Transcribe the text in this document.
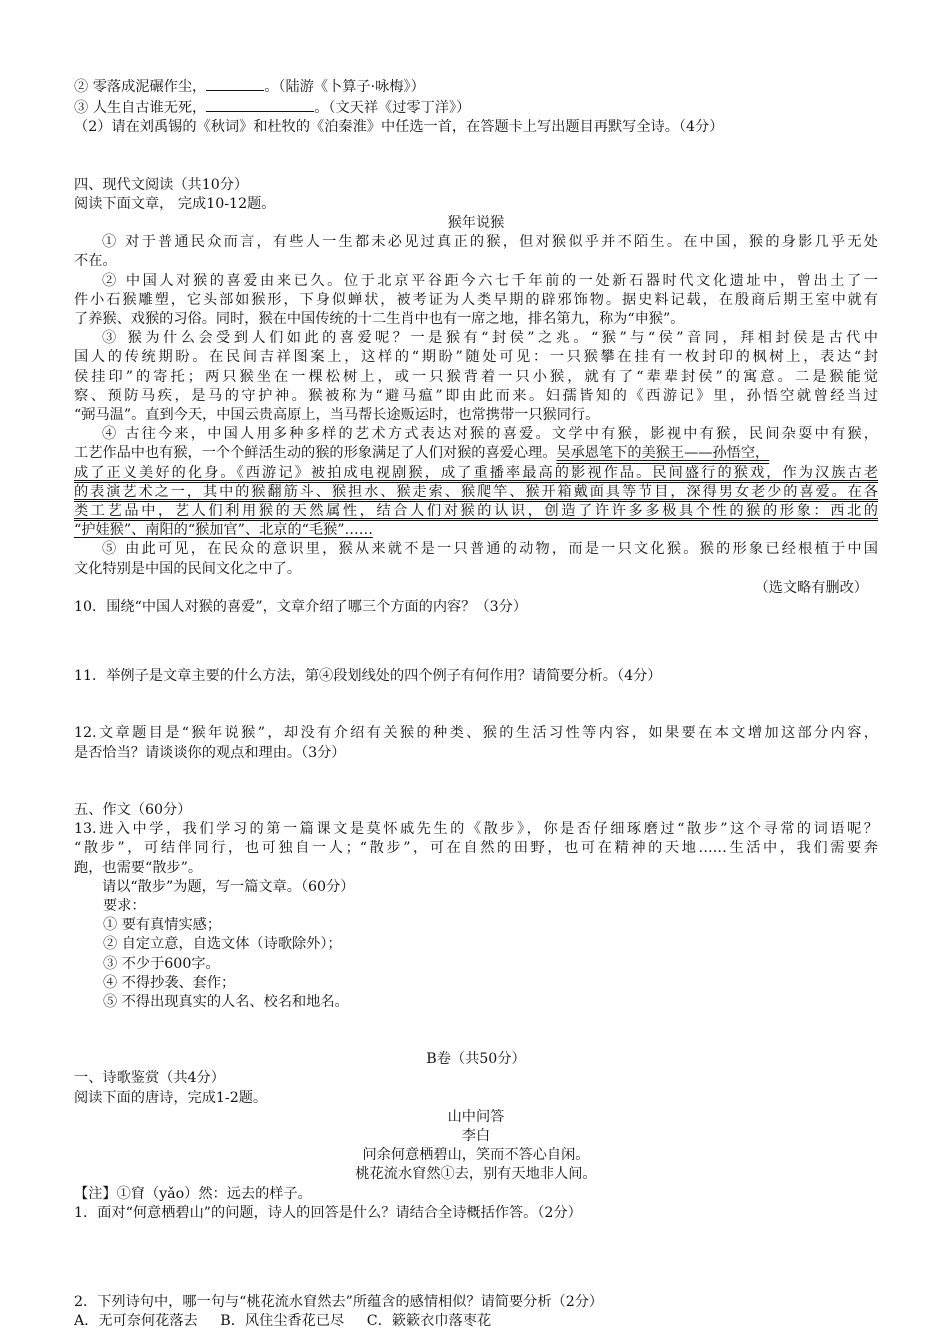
② 零落成泥碾作尘，	。（陆游《卜算子·咏梅》）
③ 人生自古谁无死，	。（文天祥《过零丁洋》）
（2）请在刘禹锡的《秋词》和杜牧的《泊秦淮》中任选一首，在答题卡上写出题目再默写全诗。（4分）
四、现代文阅读（共10分）
阅读下面文章， 完成10-12题。
猴年说猴
① 对于普通民众而言，有些人一生都未必见过真正的猴，但对猴似乎并不陌生。在中国，猴的身影几乎无处
不在。
② 中国人对猴的喜爱由来已久。位于北京平谷距今六七千年前的一处新石器时代文化遗址中，曾出土了一
件小石猴雕塑，它头部如猴形，下身似蝉状，被考证为人类早期的辟邪饰物。据史料记载，在殷商后期王室中就有
了养猴、戏猴的习俗。同时，猴在中国传统的十二生肖中也有一席之地，排名第九，称为“申猴”。
③ 猴为什么会受到人们如此的喜爱呢？一是猴有“封侯”之兆。“猴”与“侯”音同，拜相封侯是古代中
国人的传统期盼。在民间吉祥图案上，这样的“期盼”随处可见：一只猴攀在挂有一枚封印的枫树上，表达“封
侯挂印”的寄托；两只猴坐在一棵松树上，或一只猴背着一只小猴，就有了“辈辈封侯”的寓意。二是猴能觉
察、预防马疾，是马的守护神。猴被称为“避马瘟”即由此而来。妇孺皆知的《西游记》里，孙悟空就曾经当过
“弼马温”。直到今天，中国云贵高原上，当马帮长途贩运时，也常携带一只猴同行。
④ 古往今来，中国人用多种多样的艺术方式表达对猴的喜爱。文学中有猴，影视中有猴，民间杂耍中有猴，
工艺作品中也有猴，一个个鲜活生动的猴的形象满足了人们对猴的喜爱心理。吴承恩笔下的美猴王——孙悟空，
成了正义美好的化身。《西游记》被拍成电视剧猴，成了重播率最高的影视作品。民间盛行的猴戏，作为汉族古老
的表演艺术之一，其中的猴翻筋斗、猴担水、猴走索、猴爬竿、猴开箱戴面具等节目，深得男女老少的喜爱。在各
类工艺品中，艺人们利用猴的天然属性，结合人们对猴的认识，创造了许许多多极具个性的猴的形象：西北的
“护娃猴”、南阳的“猴加官”、北京的“毛猴”……
⑤ 由此可见，在民众的意识里，猴从来就不是一只普通的动物，而是一只文化猴。猴的形象已经根植于中国
文化特别是中国的民间文化之中了。
（选文略有删改）
10．围绕“中国人对猴的喜爱”，文章介绍了哪三个方面的内容？（3分）
11．举例子是文章主要的什么方法，第④段划线处的四个例子有何作用？请简要分析。（4分）
12.文章题目是“猴年说猴”，却没有介绍有关猴的种类、猴的生活习性等内容，如果要在本文增加这部分内容，
是否恰当？请谈谈你的观点和理由。（3分）
五、作文（60分）
13.进入中学，我们学习的第一篇课文是莫怀戚先生的《散步》，你是否仔细琢磨过“散步”这个寻常的词语呢？
“散步”，可结伴同行，也可独自一人；“散步”，可在自然的田野，也可在精神的天地……生活中，我们需要奔
跑，也需要“散步”。
请以“散步”为题，写一篇文章。（60分）
要求：
① 要有真情实感；
② 自定立意，自选文体（诗歌除外）；
③ 不少于600字。
④ 不得抄袭、套作；
⑤ 不得出现真实的人名、校名和地名。
B卷（共50分）
一、诗歌鉴赏（共4分）
阅读下面的唐诗，完成1-2题。
山中问答
李白
问余何意栖碧山，笑而不答心自闲。
桃花流水窅然①去，别有天地非人间。
【注】①窅（yǎo）然：远去的样子。
1．面对“何意栖碧山”的问题，诗人的回答是什么？请结合全诗概括作答。（2分）
2．下列诗句中，哪一句与“桃花流水窅然去”所蕴含的感情相似？请简要分析（2分）
A．无可奈何花落去     B．风住尘香花已尽     C．簌簌衣巾落枣花
